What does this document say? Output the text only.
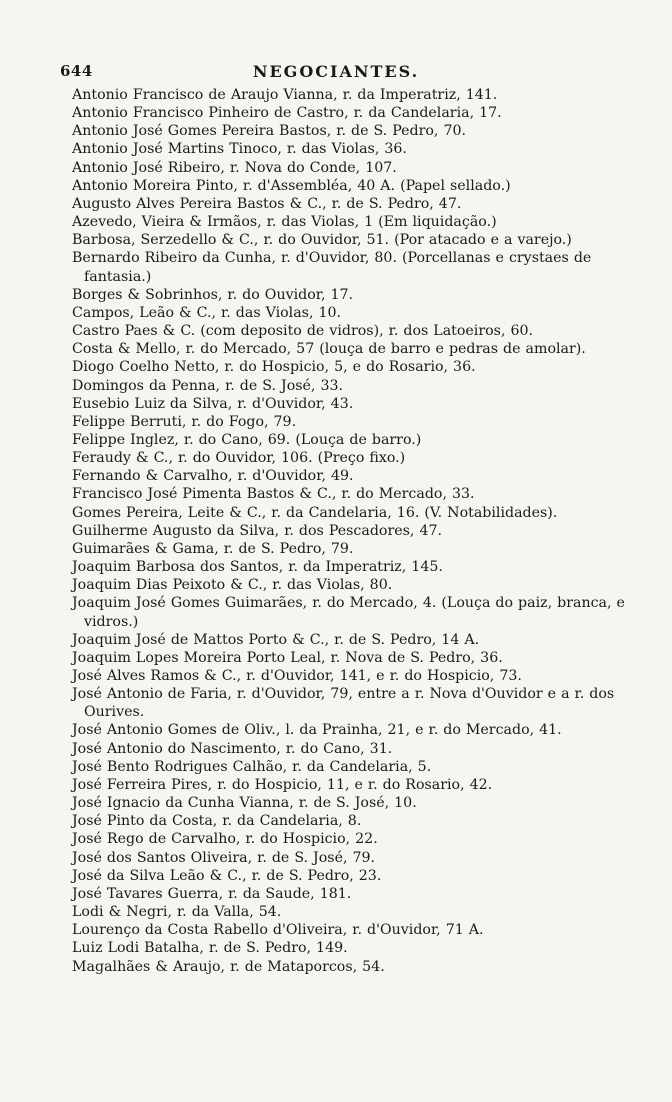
644	NEGOCIANTES.

Antonio Francisco de Araujo Vianna, r. da Imperatriz, 141.

Antonio Francisco Pinheiro de Castro, r. da Candelaria, 17.

Antonio José Gomes Pereira Bastos, r. de S. Pedro, 70.

Antonio José Martins Tinoco, r. das Violas, 36.

Antonio José Ribeiro, r. Nova do Conde, 107.

Antonio Moreira Pinto, r. d'Assembléa, 40 A. (Papel sellado.)

Augusto Alves Pereira Bastos & C., r. de S. Pedro, 47.

Azevedo, Vieira & Irmãos, r. das Violas, 1 (Em liquidação.)

Barbosa, Serzedello & C., r. do Ouvidor, 51. (Por atacado e a varejo.)

Bernardo Ribeiro da Cunha, r. d'Ouvidor, 80. (Porcellanas e crystaes de fantasia.)

Borges & Sobrinhos, r. do Ouvidor, 17.

Campos, Leão & C., r. das Violas, 10.

Castro Paes & C. (com deposito de vidros), r. dos Latoeiros, 60.

Costa & Mello, r. do Mercado, 57 (louça de barro e pedras de amolar).

Diogo Coelho Netto, r. do Hospicio, 5, e do Rosario, 36.

Domingos da Penna, r. de S. José, 33.

Eusebio Luiz da Silva, r. d'Ouvidor, 43.

Felippe Berruti, r. do Fogo, 79.

Felippe Inglez, r. do Cano, 69. (Louça de barro.)

Feraudy & C., r. do Ouvidor, 106. (Preço fixo.)

Fernando & Carvalho, r. d'Ouvidor, 49.

Francisco José Pimenta Bastos & C., r. do Mercado, 33.

Gomes Pereira, Leite & C., r. da Candelaria, 16. (V. Notabilidades).

Guilherme Augusto da Silva, r. dos Pescadores, 47.

Guimarães & Gama, r. de S. Pedro, 79.

Joaquim Barbosa dos Santos, r. da Imperatriz, 145.

Joaquim Dias Peixoto & C., r. das Violas, 80.

Joaquim José Gomes Guimarães, r. do Mercado, 4. (Louça do paiz, branca, e vidros.)

Joaquim José de Mattos Porto & C., r. de S. Pedro, 14 A.

Joaquim Lopes Moreira Porto Leal, r. Nova de S. Pedro, 36.

José Alves Ramos & C., r. d'Ouvidor, 141, e r. do Hospicio, 73.

José Antonio de Faria, r. d'Ouvidor, 79, entre a r. Nova d'Ouvidor e a r. dos Ourives.

José Antonio Gomes de Oliv., l. da Prainha, 21, e r. do Mercado, 41.

José Antonio do Nascimento, r. do Cano, 31.

José Bento Rodrigues Calhão, r. da Candelaria, 5.

José Ferreira Pires, r. do Hospicio, 11, e r. do Rosario, 42.

José Ignacio da Cunha Vianna, r. de S. José, 10.

José Pinto da Costa, r. da Candelaria, 8.

José Rego de Carvalho, r. do Hospicio, 22.

José dos Santos Oliveira, r. de S. José, 79.

José da Silva Leão & C., r. de S. Pedro, 23.

José Tavares Guerra, r. da Saude, 181.

Lodi & Negri, r. da Valla, 54.

Lourenço da Costa Rabello d'Oliveira, r. d'Ouvidor, 71 A.

Luiz Lodi Batalha, r. de S. Pedro, 149.

Magalhães & Araujo, r. de Mataporcos, 54.
